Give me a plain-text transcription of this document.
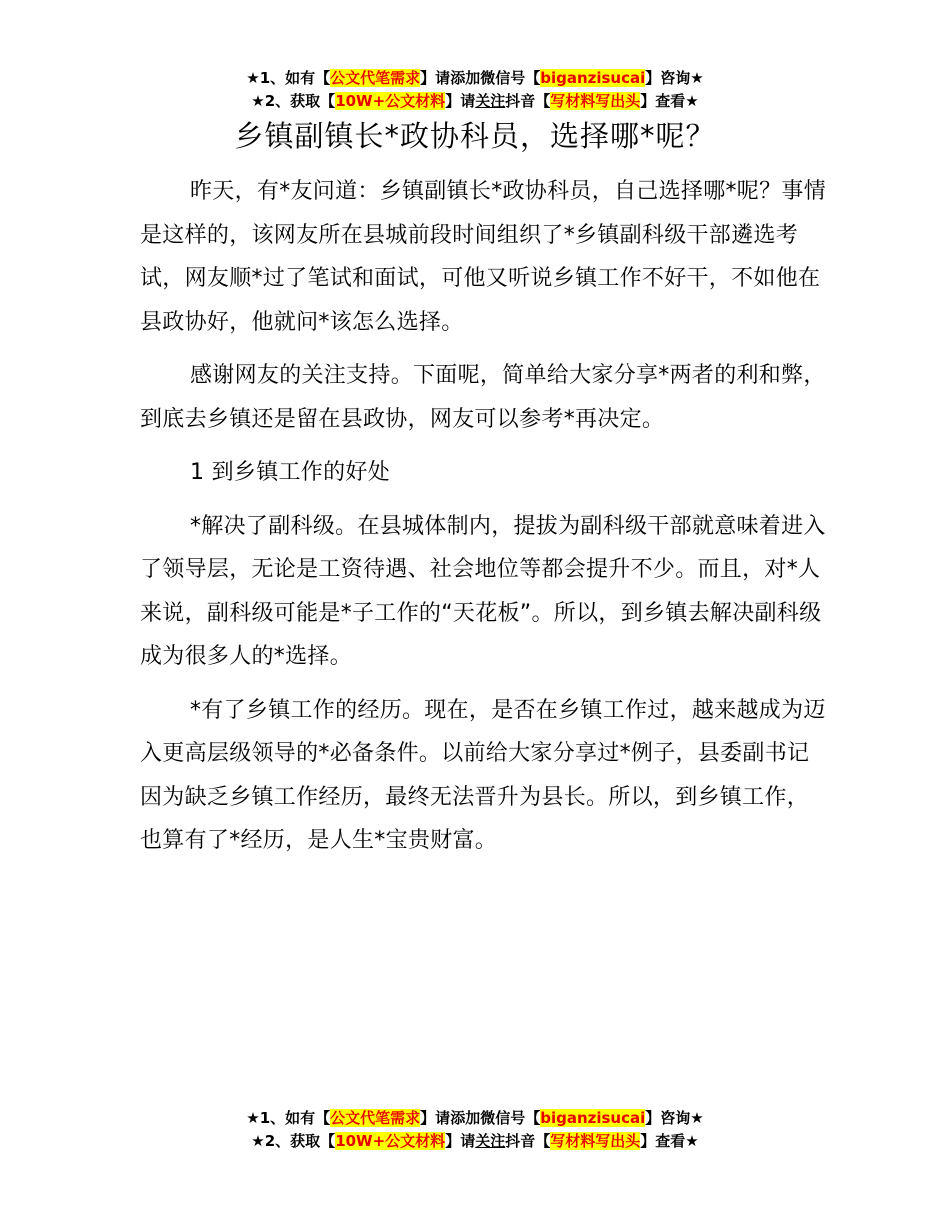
★1、如有【公文代笔需求】请添加微信号【biganzisucai】咨询★
★2、获取【10W+公文材料】请关注抖音【写材料写出头】查看★
乡镇副镇长*政协科员，选择哪*呢？

昨天，有*友问道：乡镇副镇长*政协科员，自己选择哪*呢？事情是这样的，该网友所在县城前段时间组织了*乡镇副科级干部遴选考试，网友顺*过了笔试和面试，可他又听说乡镇工作不好干，不如他在县政协好，他就问*该怎么选择。

感谢网友的关注支持。下面呢，简单给大家分享*两者的利和弊，到底去乡镇还是留在县政协，网友可以参考*再决定。

1 到乡镇工作的好处

*解决了副科级。在县城体制内，提拔为副科级干部就意味着进入了领导层，无论是工资待遇、社会地位等都会提升不少。而且，对*人来说，副科级可能是*子工作的“天花板”。所以，到乡镇去解决副科级成为很多人的*选择。

*有了乡镇工作的经历。现在，是否在乡镇工作过，越来越成为迈入更高层级领导的*必备条件。以前给大家分享过*例子，县委副书记因为缺乏乡镇工作经历，最终无法晋升为县长。所以，到乡镇工作，也算有了*经历，是人生*宝贵财富。

★1、如有【公文代笔需求】请添加微信号【biganzisucai】咨询★
★2、获取【10W+公文材料】请关注抖音【写材料写出头】查看★
